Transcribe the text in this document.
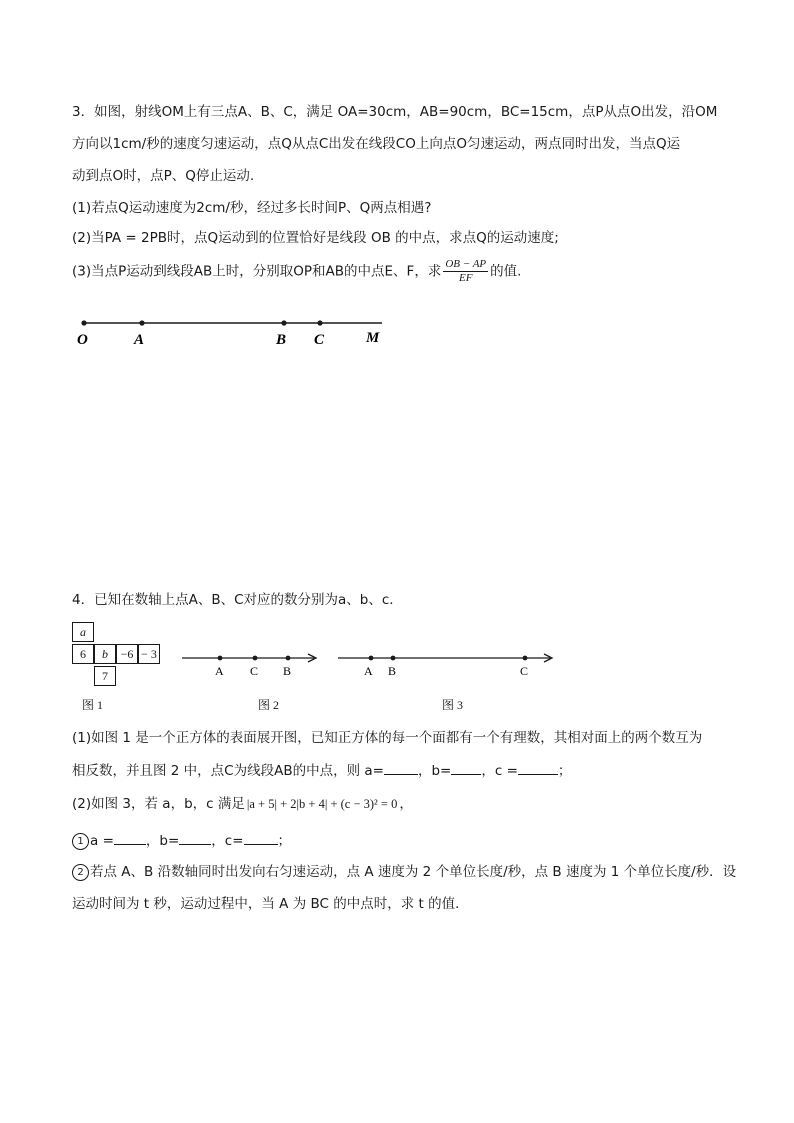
3．如图，射线OM上有三点A、B、C，满足 OA=30cm，AB=90cm，BC=15cm，点P从点O出发，沿OM
方向以1cm/秒的速度匀速运动，点Q从点C出发在线段CO上向点O匀速运动，两点同时出发，当点Q运
动到点O时，点P、Q停止运动.
(1)若点Q运动速度为2cm/秒，经过多长时间P、Q两点相遇?
(2)当PA = 2PB时，点Q运动到的位置恰好是线段 OB 的中点，求点Q的运动速度;
(3)当点P运动到线段AB上时，分别取OP和AB的中点E、F，求 $\frac{OB - AP}{EF}$ 的值.
O	A	B C	M
4．已知在数轴上点A、B、C对应的数分别为a、b、c．
a
6	b	−6 − 3
7
图 1
A C B
图 2
A B	C
图 3
(1)如图 1 是一个正方体的表面展开图，已知正方体的每一个面都有一个有理数，其相对面上的两个数互为
相反数，并且图 2 中，点C为线段AB的中点，则 a=	，b= ，c =	；
(2)如图 3，若 a，b，c 满足 |a + 5| + 2|b + 4| + (c − 3)² = 0 ，
1 a = ，b= ，c=	；
2 若点 A、B 沿数轴同时出发向右匀速运动，点 A 速度为 2 个单位长度/秒，点 B 速度为 1 个单位长度/秒．设
运动时间为 t 秒，运动过程中，当 A 为 BC 的中点时，求 t 的值．
